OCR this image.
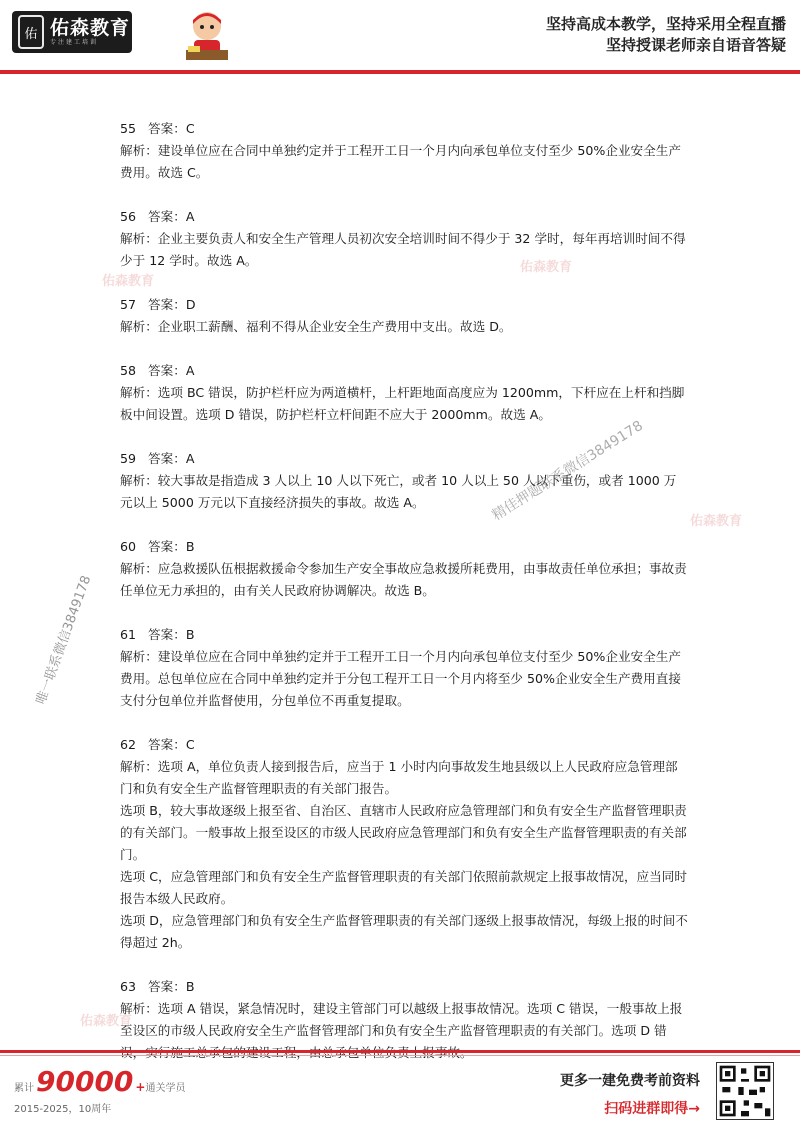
佑 佑森教育
专注建工培训
坚持高成本教学，坚持采用全程直播
坚持授课老师亲自语音答疑
佑森教育
佑森教育
佑森教育
佑森教育
唯一联系微信3849178
精佳押题联系微信3849178

55 答案：C

解析：建设单位应在合同中单独约定并于工程开工日一个月内向承包单位支付至少 50%企业安全生产费用。故选 C。

56 答案：A

解析：企业主要负责人和安全生产管理人员初次安全培训时间不得少于 32 学时，每年再培训时间不得少于 12 学时。故选 A。

57 答案：D

解析：企业职工薪酬、福利不得从企业安全生产费用中支出。故选 D。

58 答案：A

解析：选项 BC 错误，防护栏杆应为两道横杆，上杆距地面高度应为 1200mm，下杆应在上杆和挡脚板中间设置。选项 D 错误，防护栏杆立杆间距不应大于 2000mm。故选 A。

59 答案：A

解析：较大事故是指造成 3 人以上 10 人以下死亡，或者 10 人以上 50 人以下重伤，或者 1000 万元以上 5000 万元以下直接经济损失的事故。故选 A。

60 答案：B

解析：应急救援队伍根据救援命令参加生产安全事故应急救援所耗费用，由事故责任单位承担；事故责任单位无力承担的，由有关人民政府协调解决。故选 B。

61 答案：B

解析：建设单位应在合同中单独约定并于工程开工日一个月内向承包单位支付至少 50%企业安全生产费用。总包单位应在合同中单独约定并于分包工程开工日一个月内将至少 50%企业安全生产费用直接支付分包单位并监督使用，分包单位不再重复提取。

62 答案：C

解析：选项 A，单位负责人接到报告后，应当于 1 小时内向事故发生地县级以上人民政府应急管理部门和负有安全生产监督管理职责的有关部门报告。

选项 B，较大事故逐级上报至省、自治区、直辖市人民政府应急管理部门和负有安全生产监督管理职责的有关部门。一般事故上报至设区的市级人民政府应急管理部门和负有安全生产监督管理职责的有关部门。

选项 C，应急管理部门和负有安全生产监督管理职责的有关部门依照前款规定上报事故情况，应当同时报告本级人民政府。

选项 D，应急管理部门和负有安全生产监督管理职责的有关部门逐级上报事故情况，每级上报的时间不得超过 2h。

63 答案：B

解析：选项 A 错误，紧急情况时，建设主管部门可以越级上报事故情况。选项 C 错误，一般事故上报至设区的市级人民政府安全生产监督管理部门和负有安全生产监督管理职责的有关部门。选项 D 错

累计 90000 + 通关学员
2015-2025，10周年
更多一建免费考前资料
扫码进群即得→
